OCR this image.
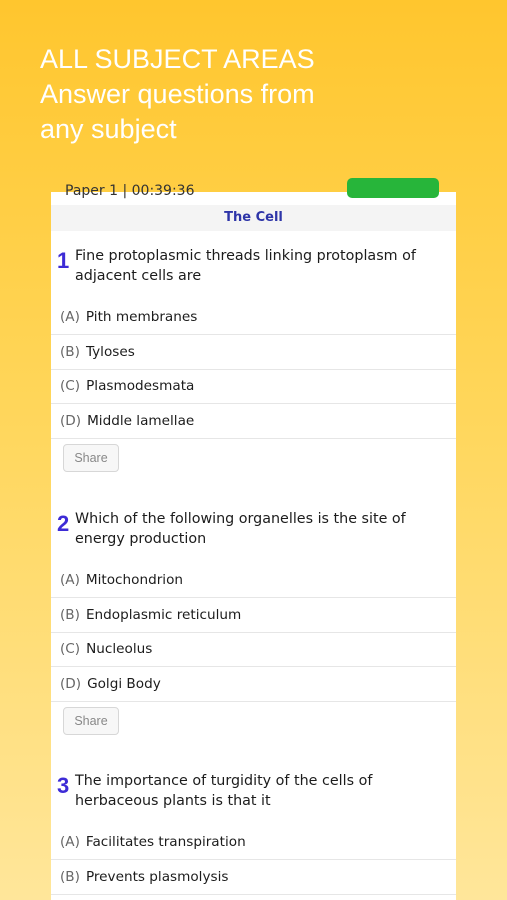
ALL SUBJECT AREAS
Answer questions from
any subject
Paper 1 | 00:39:36
The Cell
1 Fine protoplasmic threads linking protoplasm of adjacent cells are
(A) Pith membranes
(B) Tyloses
(C) Plasmodesmata
(D) Middle lamellae
Share
2 Which of the following organelles is the site of energy production
(A) Mitochondrion
(B) Endoplasmic reticulum
(C) Nucleolus
(D) Golgi Body
Share
3 The importance of turgidity of the cells of herbaceous plants is that it
(A) Facilitates transpiration
(B) Prevents plasmolysis
